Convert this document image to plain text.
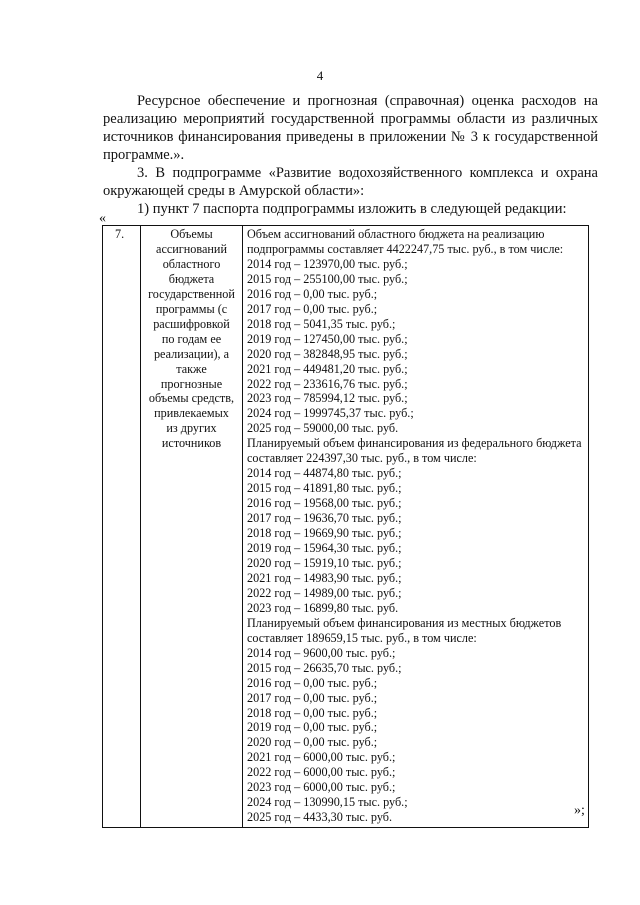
4

Ресурсное обеспечение и прогнозная (справочная) оценка расходов на реализацию мероприятий государственной программы области из различных источников финансирования приведены в приложении № 3 к государственной программе.».

3. В подпрограмме «Развитие водохозяйственного комплекса и охрана окружающей среды в Амурской области»:

1) пункт 7 паспорта подпрограммы изложить в следующей редакции:

«
7.	Объемы
ассигнований
областного
бюджета
государственной
программы (с
расшифровкой
по годам ее
реализации), а
также
прогнозные
объемы средств,
привлекаемых
из других
источников

Объем ассигнований областного бюджета на реализацию
подпрограммы составляет 4422247,75 тыс. руб., в том числе:
2014 год – 123970,00 тыс. руб.;
2015 год – 255100,00 тыс. руб.;
2016 год – 0,00 тыс. руб.;
2017 год – 0,00 тыс. руб.;
2018 год – 5041,35 тыс. руб.;
2019 год – 127450,00 тыс. руб.;
2020 год – 382848,95 тыс. руб.;
2021 год – 449481,20 тыс. руб.;
2022 год – 233616,76 тыс. руб.;
2023 год – 785994,12 тыс. руб.;
2024 год – 1999745,37 тыс. руб.;
2025 год – 59000,00 тыс. руб.
Планируемый объем финансирования из федерального бюджета
составляет 224397,30 тыс. руб., в том числе:
2014 год – 44874,80 тыс. руб.;
2015 год – 41891,80 тыс. руб.;
2016 год – 19568,00 тыс. руб.;
2017 год – 19636,70 тыс. руб.;
2018 год – 19669,90 тыс. руб.;
2019 год – 15964,30 тыс. руб.;
2020 год – 15919,10 тыс. руб.;
2021 год – 14983,90 тыс. руб.;
2022 год – 14989,00 тыс. руб.;
2023 год – 16899,80 тыс. руб.
Планируемый объем финансирования из местных бюджетов
составляет 189659,15 тыс. руб., в том числе:
2014 год – 9600,00 тыс. руб.;
2015 год – 26635,70 тыс. руб.;
2016 год – 0,00 тыс. руб.;
2017 год – 0,00 тыс. руб.;
2018 год – 0,00 тыс. руб.;
2019 год – 0,00 тыс. руб.;
2020 год – 0,00 тыс. руб.;
2021 год – 6000,00 тыс. руб.;
2022 год – 6000,00 тыс. руб.;
2023 год – 6000,00 тыс. руб.;
2024 год – 130990,15 тыс. руб.;
2025 год – 4433,30 тыс. руб.	»;
